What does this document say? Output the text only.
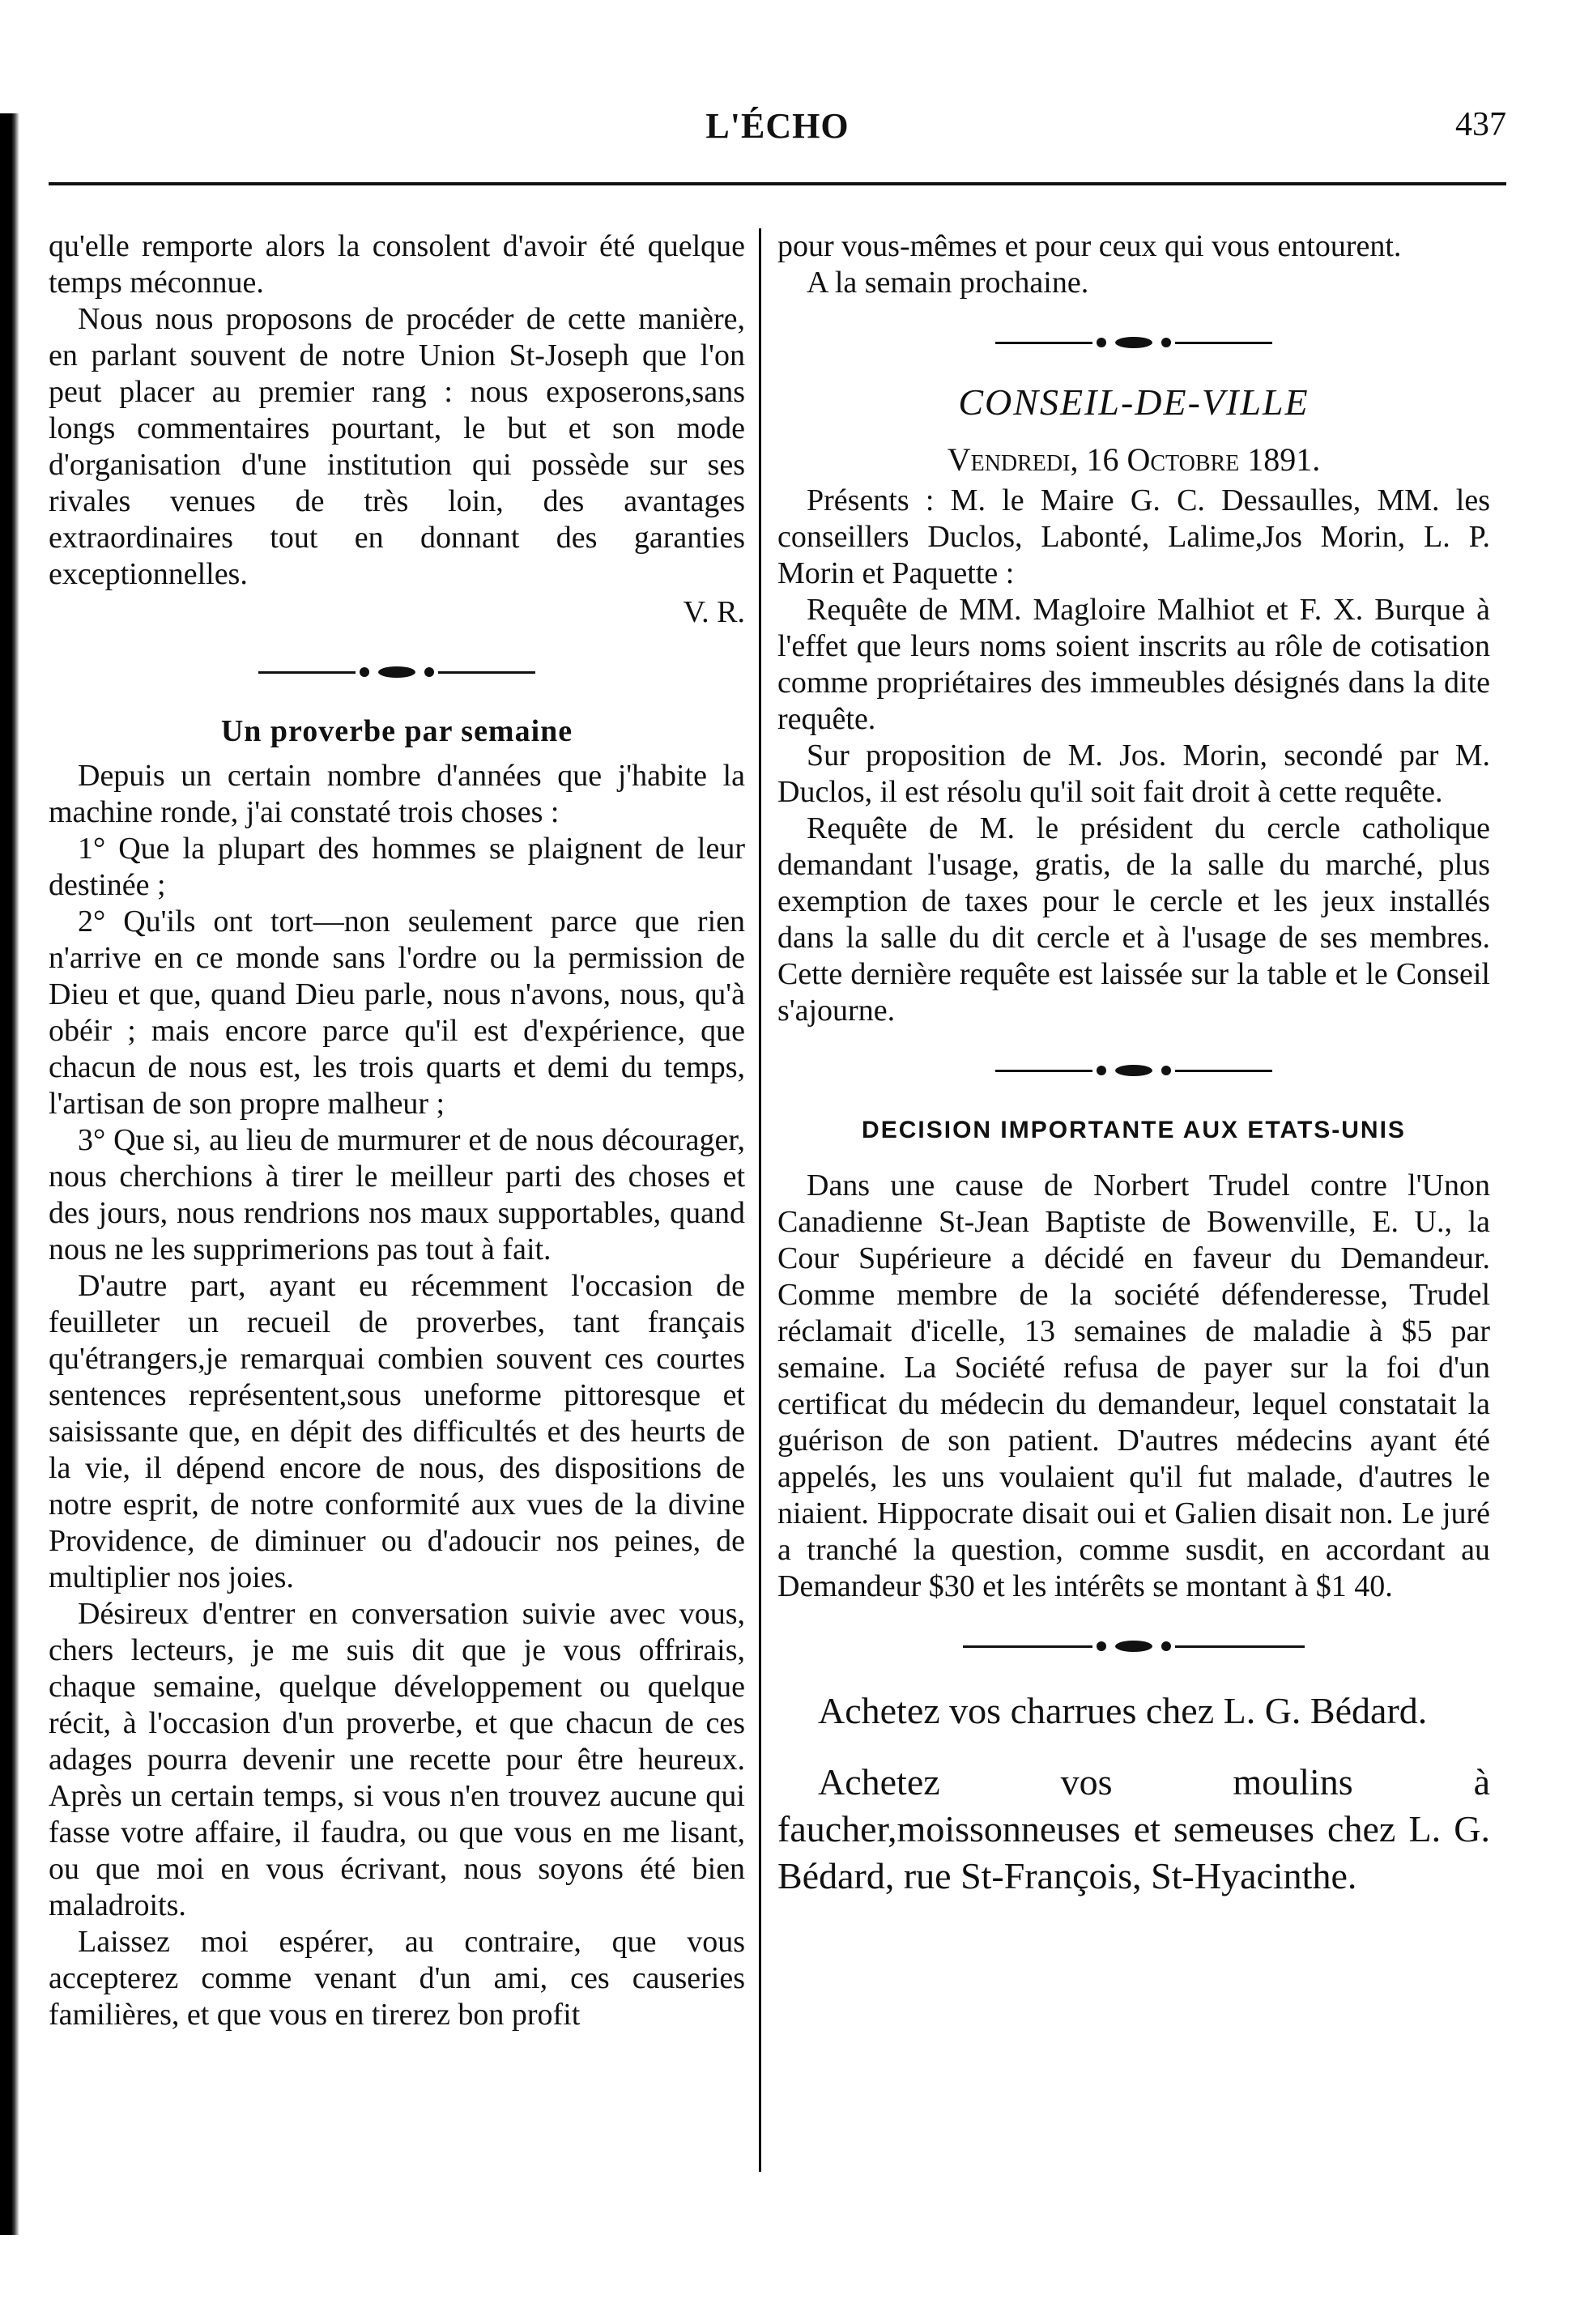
L'ÉCHO	437

qu'elle remporte alors la consolent d'avoir été quelque temps méconnue.

Nous nous proposons de procéder de cette manière, en parlant souvent de notre Union St-Joseph que l'on peut placer au premier rang : nous exposerons,sans longs commentaires pourtant, le but et son mode d'organisation d'une institution qui possède sur ses rivales venues de très loin, des avantages extraordinaires tout en donnant des garanties exceptionnelles.

V. R.

Un proverbe par semaine

Depuis un certain nombre d'années que j'habite la machine ronde, j'ai constaté trois choses :

1° Que la plupart des hommes se plaignent de leur destinée ;

2° Qu'ils ont tort—non seulement parce que rien n'arrive en ce monde sans l'ordre ou la permission de Dieu et que, quand Dieu parle, nous n'avons, nous, qu'à obéir ; mais encore parce qu'il est d'expérience, que chacun de nous est, les trois quarts et demi du temps, l'artisan de son propre malheur ;

3° Que si, au lieu de murmurer et de nous décourager, nous cherchions à tirer le meilleur parti des choses et des jours, nous rendrions nos maux supportables, quand nous ne les supprimerions pas tout à fait.

D'autre part, ayant eu récemment l'occasion de feuilleter un recueil de proverbes, tant français qu'étrangers,je remarquai combien souvent ces courtes sentences représentent,sous uneforme pittoresque et saisissante que, en dépit des difficultés et des heurts de la vie, il dépend encore de nous, des dispositions de notre esprit, de notre conformité aux vues de la divine Providence, de diminuer ou d'adoucir nos peines, de multiplier nos joies.

Désireux d'entrer en conversation suivie avec vous, chers lecteurs, je me suis dit que je vous offrirais, chaque semaine, quelque développement ou quelque récit, à l'occasion d'un proverbe, et que chacun de ces adages pourra devenir une recette pour être heureux. Après un certain temps, si vous n'en trouvez aucune qui fasse votre affaire, il faudra, ou que vous en me lisant, ou que moi en vous écrivant, nous soyons été bien maladroits.

Laissez moi espérer, au contraire, que vous accepterez comme venant d'un ami, ces causeries familières, et que vous en tirerez bon profit

pour vous-mêmes et pour ceux qui vous entourent.

A la semain prochaine.

CONSEIL-DE-VILLE
Vendredi, 16 Octobre 1891.

Présents : M. le Maire G. C. Dessaulles, MM. les conseillers Duclos, Labonté, Lalime,Jos Morin, L. P. Morin et Paquette :

Requête de MM. Magloire Malhiot et F. X. Burque à l'effet que leurs noms soient inscrits au rôle de cotisation comme propriétaires des immeubles désignés dans la dite requête.

Sur proposition de M. Jos. Morin, secondé par M. Duclos, il est résolu qu'il soit fait droit à cette requête.

Requête de M. le président du cercle catholique demandant l'usage, gratis, de la salle du marché, plus exemption de taxes pour le cercle et les jeux installés dans la salle du dit cercle et à l'usage de ses membres. Cette dernière requête est laissée sur la table et le Conseil s'ajourne.

DECISION IMPORTANTE AUX ETATS-UNIS

Dans une cause de Norbert Trudel contre l'Unon Canadienne St-Jean Baptiste de Bowenville, E. U., la Cour Supérieure a décidé en faveur du Demandeur. Comme membre de la société défenderesse, Trudel réclamait d'icelle, 13 semaines de maladie à $5 par semaine. La Société refusa de payer sur la foi d'un certificat du médecin du demandeur, lequel constatait la guérison de son patient. D'autres médecins ayant été appelés, les uns voulaient qu'il fut malade, d'autres le niaient. Hippocrate disait oui et Galien disait non. Le juré a tranché la question, comme susdit, en accordant au Demandeur $30 et les intérêts se montant à $1 40.

Achetez vos charrues chez L. G. Bédard.

Achetez vos moulins à faucher,moissonneuses et semeuses chez L. G. Bédard, rue St-François, St-Hyacinthe.
